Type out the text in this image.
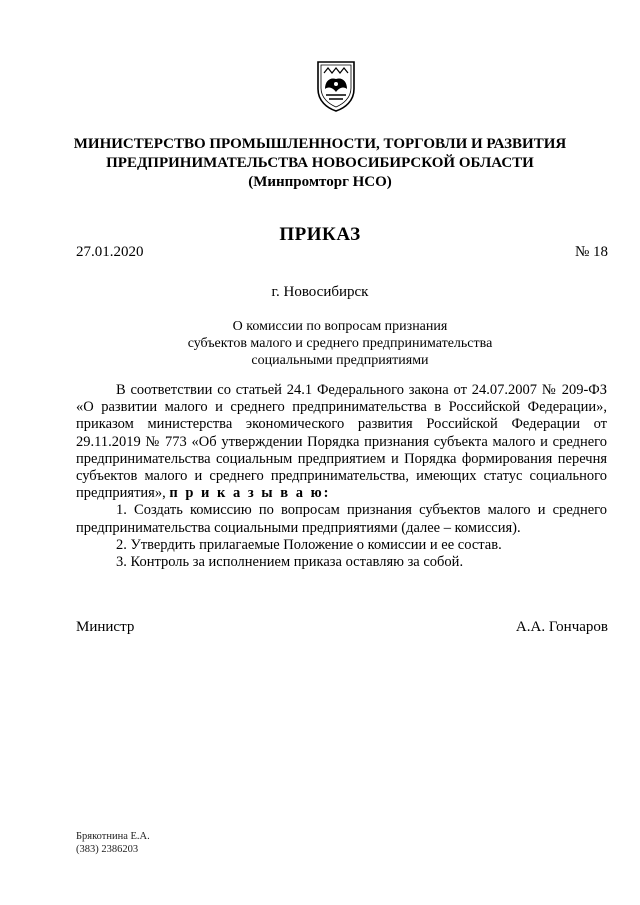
МИНИСТЕРСТВО ПРОМЫШЛЕННОСТИ, ТОРГОВЛИ И РАЗВИТИЯ
ПРЕДПРИНИМАТЕЛЬСТВА НОВОСИБИРСКОЙ ОБЛАСТИ
(Минпромторг НСО)
ПРИКАЗ
27.01.2020	№ 18
г. Новосибирск
О комиссии по вопросам признания
субъектов малого и среднего предпринимательства
социальными предприятиями

В соответствии со статьей 24.1 Федерального закона от 24.07.2007 № 209-ФЗ «О развитии малого и среднего предпринимательства в Российской Федерации», приказом министерства экономического развития Российской Федерации от 29.11.2019 № 773 «Об утверждении Порядка признания субъекта малого и среднего предпринимательства социальным предприятием и Порядка формирования перечня субъектов малого и среднего предпринимательства, имеющих статус социального предприятия», п р и к а з ы в а ю:

1. Создать комиссию по вопросам признания субъектов малого и среднего предпринимательства социальными предприятиями (далее – комиссия).

2. Утвердить прилагаемые Положение о комиссии и ее состав.

3. Контроль за исполнением приказа оставляю за собой.

Министр	А.А. Гончаров
Брякотнина Е.А.
(383) 2386203
